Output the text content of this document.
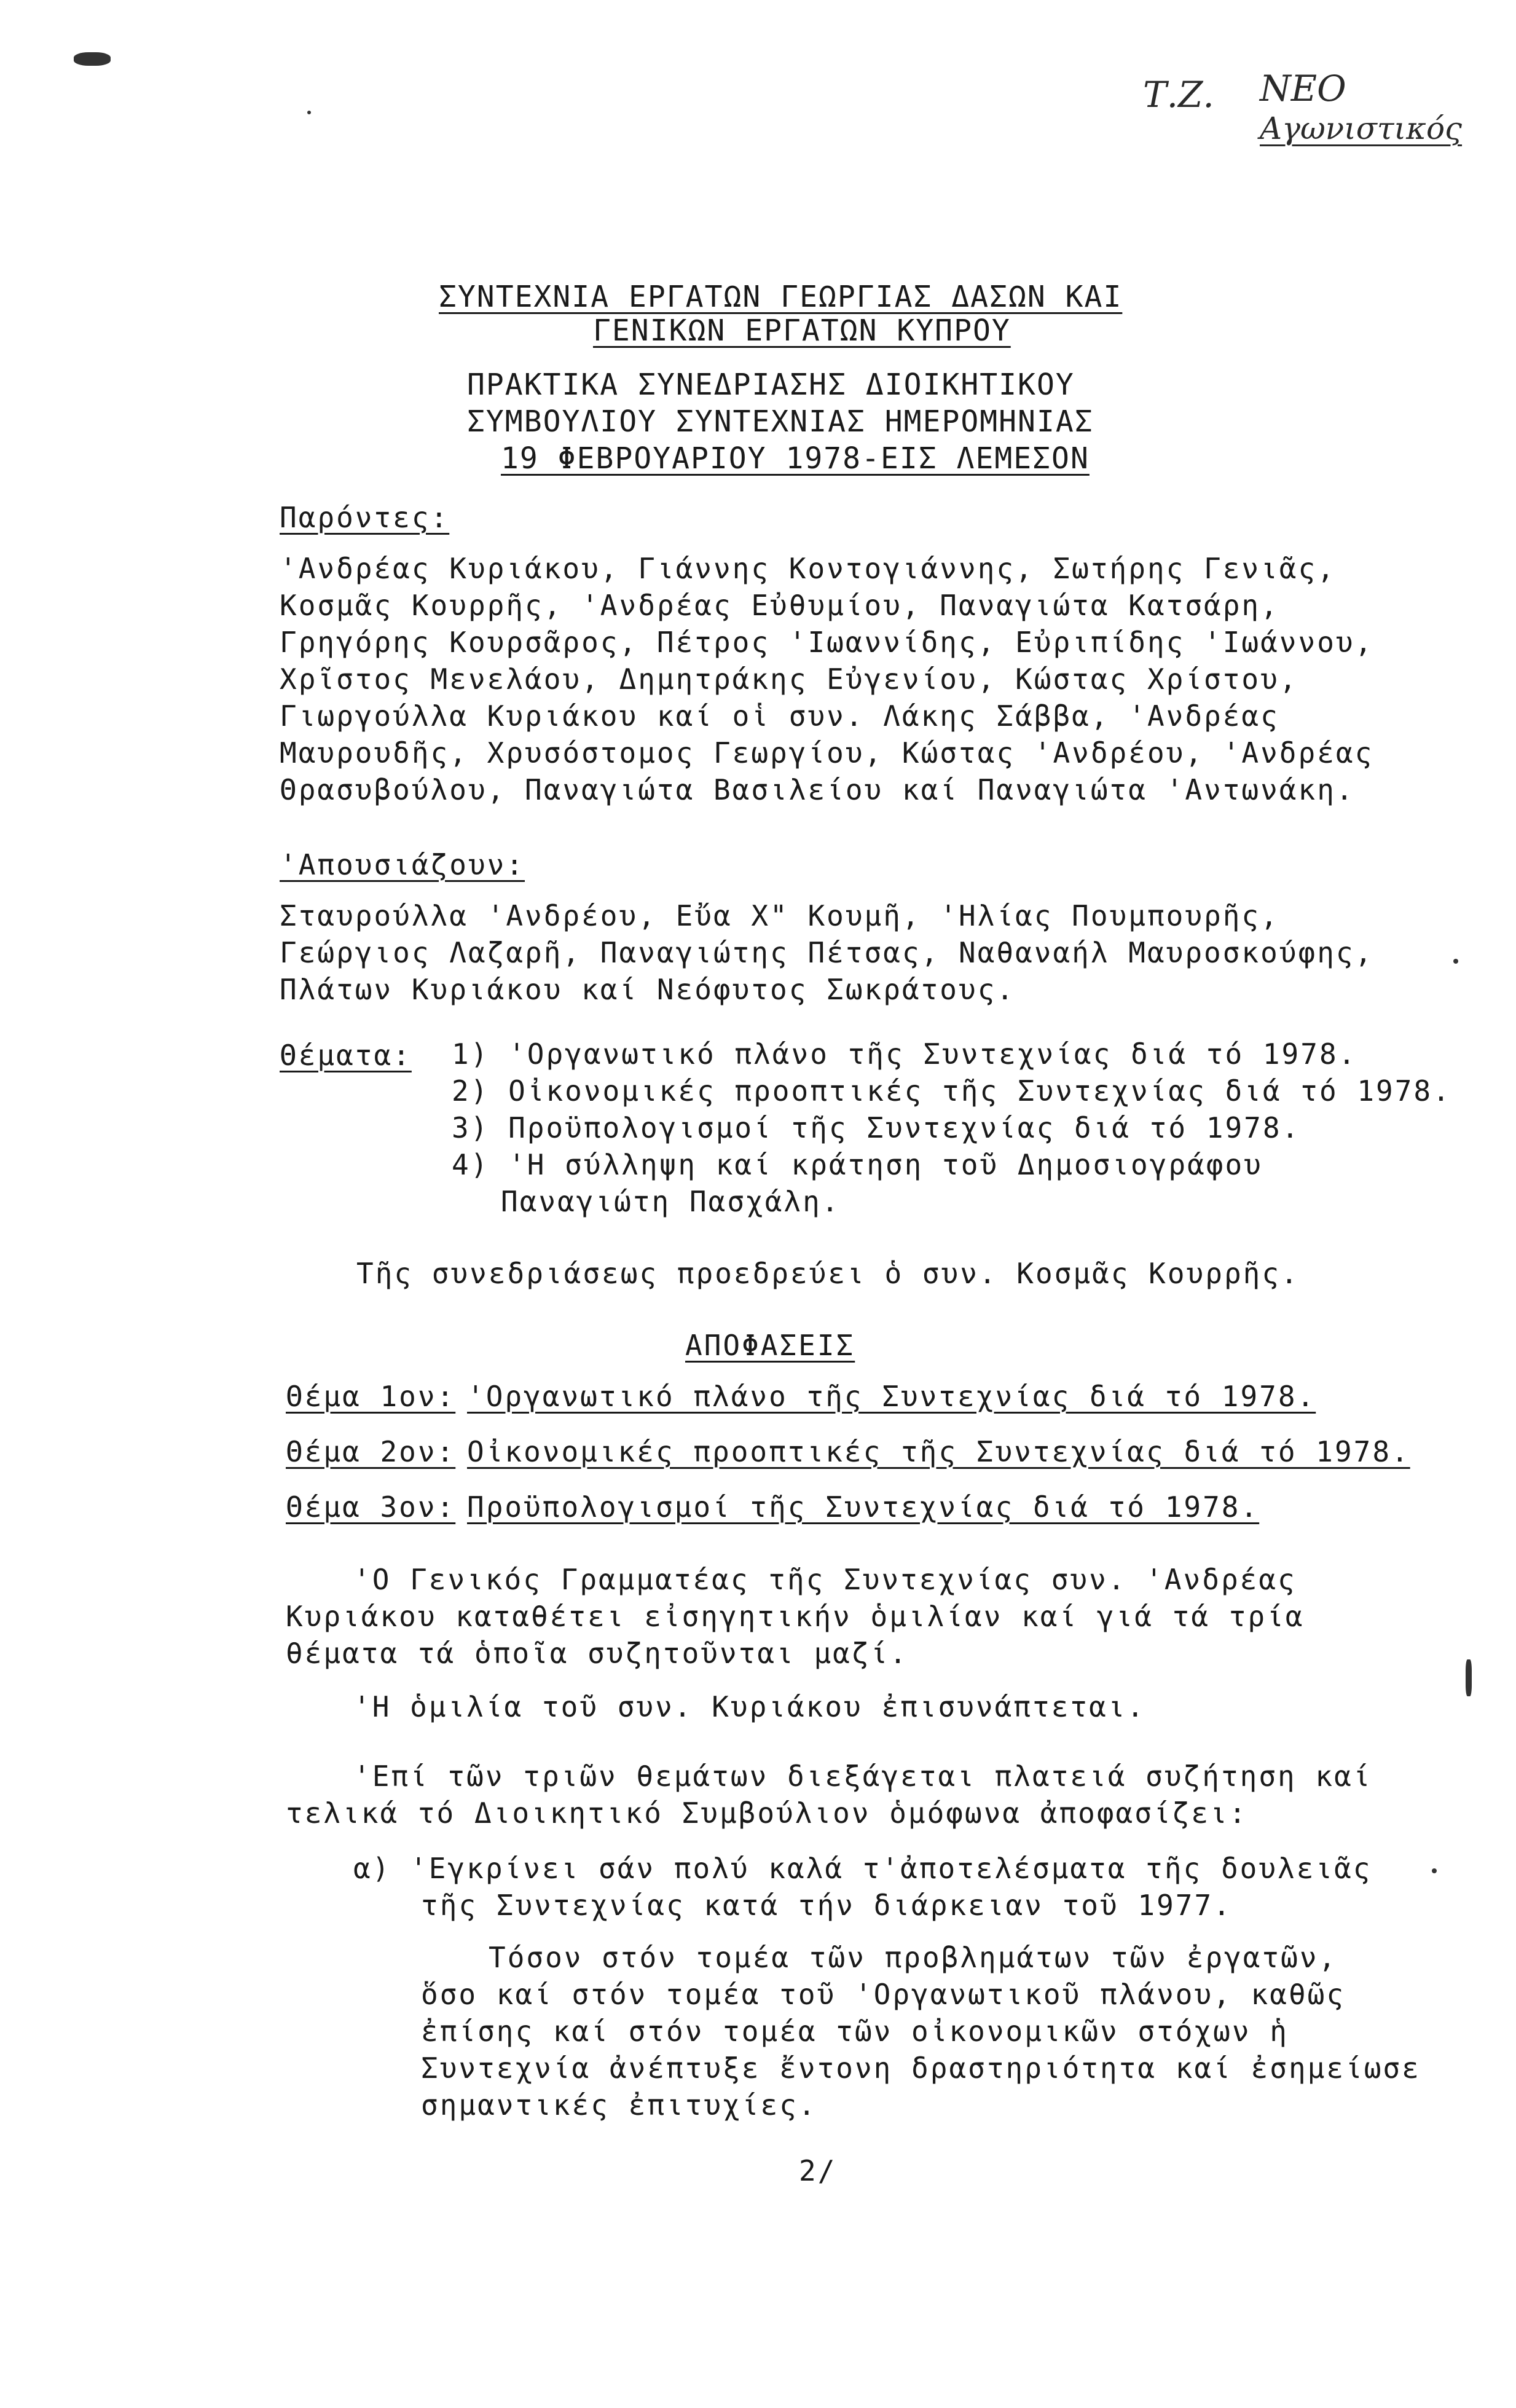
Τ.Ζ. ΝΕΟ
Αγωνιστικός
ΣΥΝΤΕΧΝΙΑ ΕΡΓΑΤΩΝ ΓΕΩΡΓΙΑΣ ΔΑΣΩΝ ΚΑΙ
ΓΕΝΙΚΩΝ ΕΡΓΑΤΩΝ ΚΥΠΡΟΥ
ΠΡΑΚΤΙΚΑ ΣΥΝΕΔΡΙΑΣΗΣ ΔΙΟΙΚΗΤΙΚΟΥ
ΣΥΜΒΟΥΛΙΟΥ ΣΥΝΤΕΧΝΙΑΣ ΗΜΕΡΟΜΗΝΙΑΣ
19 ΦΕΒΡΟΥΑΡΙΟΥ 1978-ΕΙΣ ΛΕΜΕΣΟΝ
Παρόντες:
'Ανδρέας Κυριάκου, Γιάννης Κοντογιάννης, Σωτήρης Γενιᾶς,
Κοσμᾶς Κουρρῆς, 'Ανδρέας Εὐθυμίου, Παναγιώτα Κατσάρη,
Γρηγόρης Κουρσᾶρος, Πέτρος 'Ιωαννίδης, Εὐριπίδης 'Ιωάννου,
Χρῖστος Μενελάου, Δημητράκης Εὐγενίου, Κώστας Χρίστου,
Γιωργούλλα Κυριάκου καί οἱ συν. Λάκης Σάββα, 'Ανδρέας
Μαυρουδῆς, Χρυσόστομος Γεωργίου, Κώστας 'Ανδρέου, 'Ανδρέας
Θρασυβούλου, Παναγιώτα Βασιλείου καί Παναγιώτα 'Αντωνάκη.
'Απουσιάζουν:
Σταυρούλλα 'Ανδρέου, Εὔα Χ" Κουμῆ, 'Ηλίας Πουμπουρῆς,
Γεώργιος Λαζαρῆ, Παναγιώτης Πέτσας, Ναθαναήλ Μαυροσκούφης,
Πλάτων Κυριάκου καί Νεόφυτος Σωκράτους.
Θέματα: 1) 'Οργανωτικό πλάνο τῆς Συντεχνίας διά τό 1978.
2) Οἰκονομικές προοπτικές τῆς Συντεχνίας διά τό 1978.
3) Προϋπολογισμοί τῆς Συντεχνίας διά τό 1978.
4) 'Η σύλληψη καί κράτηση τοῦ Δημοσιογράφου
Παναγιώτη Πασχάλη.
Τῆς συνεδριάσεως προεδρεύει ὁ συν. Κοσμᾶς Κουρρῆς.
ΑΠΟΦΑΣΕΙΣ
Θέμα 1ον: 'Οργανωτικό πλάνο τῆς Συντεχνίας διά τό 1978.
Θέμα 2ον: Οἰκονομικές προοπτικές τῆς Συντεχνίας διά τό 1978.
Θέμα 3ον: Προϋπολογισμοί τῆς Συντεχνίας διά τό 1978.
'Ο Γενικός Γραμματέας τῆς Συντεχνίας συν. 'Ανδρέας
Κυριάκου καταθέτει εἰσηγητικήν ὁμιλίαν καί γιά τά τρία
θέματα τά ὁποῖα συζητοῦνται μαζί.
'Η ὁμιλία τοῦ συν. Κυριάκου ἐπισυνάπτεται.
'Επί τῶν τριῶν θεμάτων διεξάγεται πλατειά συζήτηση καί
τελικά τό Διοικητικό Συμβούλιον ὁμόφωνα ἀποφασίζει:
α) 'Εγκρίνει σάν πολύ καλά τ'ἀποτελέσματα τῆς δουλειᾶς
τῆς Συντεχνίας κατά τήν διάρκειαν τοῦ 1977.
Τόσον στόν τομέα τῶν προβλημάτων τῶν ἐργατῶν,
ὅσο καί στόν τομέα τοῦ 'Οργανωτικοῦ πλάνου, καθῶς
ἐπίσης καί στόν τομέα τῶν οἰκονομικῶν στόχων ἡ
Συντεχνία ἀνέπτυξε ἔντονη δραστηριότητα καί ἐσημείωσε
σημαντικές ἐπιτυχίες.
2/
